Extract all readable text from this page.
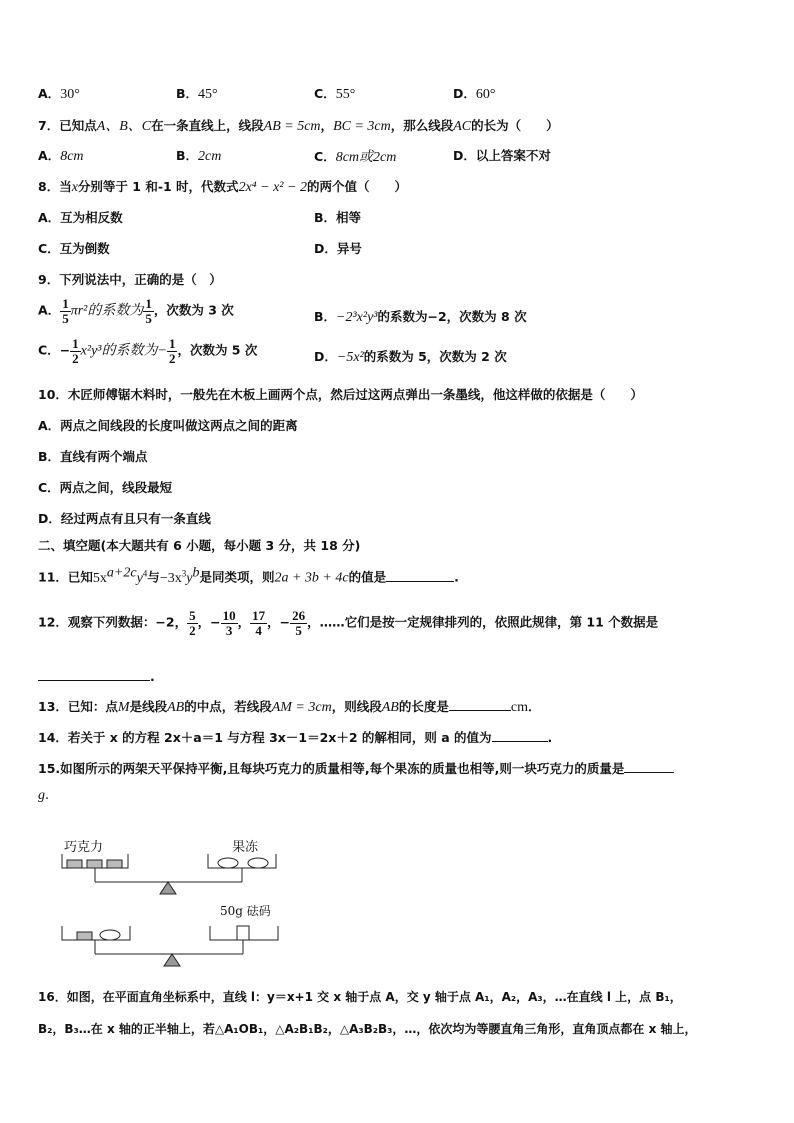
A．30°	B．45°	C．55°	D．60°
7．已知点A、B、C在一条直线上，线段AB = 5cm，BC = 3cm，那么线段AC的长为（　　）
A．8cm	B．2cm	C．8cm或2cm	D．以上答案不对
8．当x分别等于 1 和-1 时，代数式2x⁴ − x² − 2的两个值（　　）
A．互为相反数	B．相等
C．互为倒数	D．异号
9．下列说法中，正确的是（　）
A． $\frac{1}{5} \pi r^2$的系数为 $\frac{1}{5}$ ，次数为 3 次	B．−2³x²y³的系数为−2，次数为 8 次
C．− $\frac{1}{2} x^2y^3$的系数为− $\frac{1}{2}$ ，次数为 5 次	D．−5x²的系数为 5，次数为 2 次
10．木匠师傅锯木料时，一般先在木板上画两个点，然后过这两点弹出一条墨线，他这样做的依据是（　　）
A．两点之间线段的长度叫做这两点之间的距离
B．直线有两个端点
C．两点之间，线段最短
D．经过两点有且只有一条直线
二、填空题(本大题共有 6 小题，每小题 3 分，共 18 分)
11．已知$5x^{a+2c}y^4$与$-3x^3y^b$是同类项，则2a + 3b + 4c的值是	.
12．观察下列数据：−2， $\frac{5}{2}$ ，− $\frac{10}{3}$ ， $\frac{17}{4}$ ，− $\frac{26}{5}$ ，……它们是按一定规律排列的，依照此规律，第 11 个数据是
.
13．已知：点M是线段AB的中点，若线段AM = 3cm，则线段AB的长度是	cm．
14．若关于 x 的方程 2x＋a＝1 与方程 3x－1＝2x＋2 的解相同，则 a 的值为	.
15.如图所示的两架天平保持平衡,且每块巧克力的质量相等,每个果冻的质量也相等,则一块巧克力的质量是
g.
巧克力	果冻
50g 砝码
16．如图，在平面直角坐标系中，直线 l：y＝x+1 交 x 轴于点 A，交 y 轴于点 A₁，A₂，A₃，…在直线 l 上，点 B₁，
B₂，B₃…在 x 轴的正半轴上，若△A₁OB₁，△A₂B₁B₂，△A₃B₂B₃，…，依次均为等腰直角三角形，直角顶点都在 x 轴上，
